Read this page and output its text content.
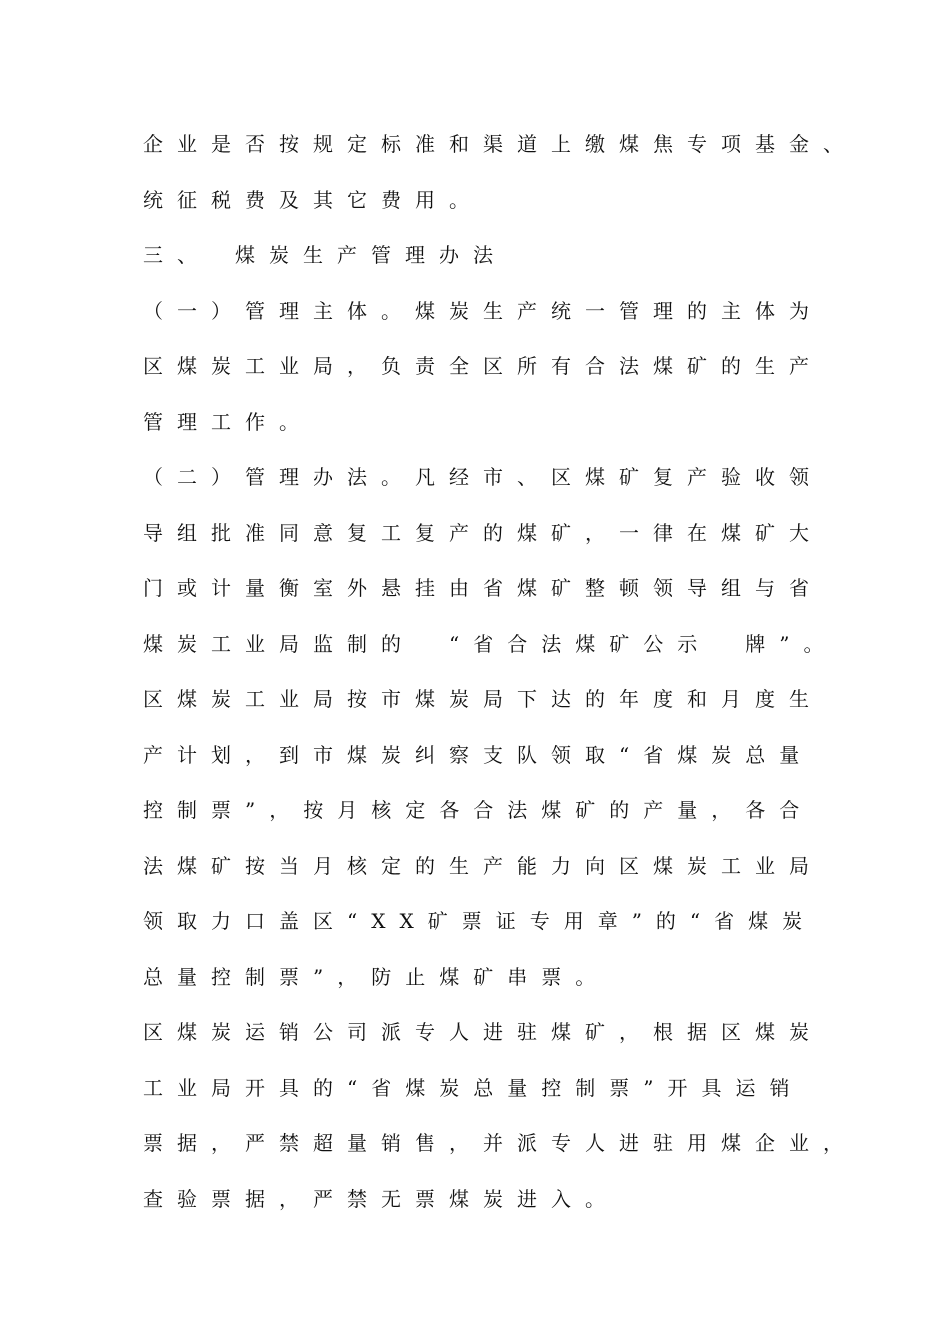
企业是否按规定标准和渠道上缴煤焦专项基金、

统征税费及其它费用。

三、　煤炭生产管理办法

（一）管理主体。煤炭生产统一管理的主体为

区煤炭工业局，负责全区所有合法煤矿的生产

管理工作。

（二）管理办法。凡经市、区煤矿复产验收领

导组批准同意复工复产的煤矿，一律在煤矿大

门或计量衡室外悬挂由省煤矿整顿领导组与省

煤炭工业局监制的　“省合法煤矿公示　牌”。

区煤炭工业局按市煤炭局下达的年度和月度生

产计划，到市煤炭纠察支队领取“省煤炭总量

控制票”，按月核定各合法煤矿的产量，各合

法煤矿按当月核定的生产能力向区煤炭工业局

领取力口盖区“XX矿票证专用章”的“省煤炭

总量控制票”，防止煤矿串票。

区煤炭运销公司派专人进驻煤矿，根据区煤炭

工业局开具的“省煤炭总量控制票”开具运销

票据，严禁超量销售，并派专人进驻用煤企业，

查验票据，严禁无票煤炭进入。
